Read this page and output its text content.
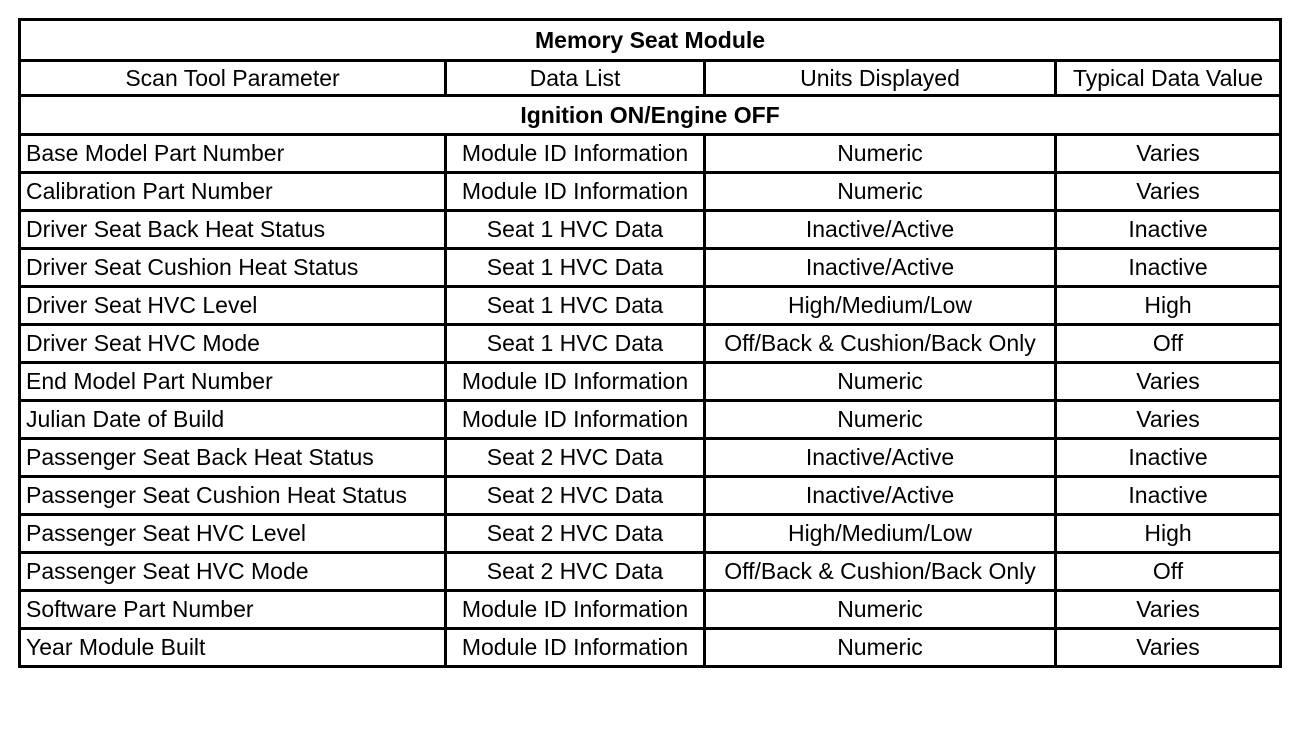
Memory Seat Module			
Scan Tool Parameter	Data List	Units Displayed	Typical Data Value
Ignition ON/Engine OFF			
Base Model Part Number	Module ID Information	Numeric	Varies
Calibration Part Number	Module ID Information	Numeric	Varies
Driver Seat Back Heat Status	Seat 1 HVC Data	Inactive/Active	Inactive
Driver Seat Cushion Heat Status	Seat 1 HVC Data	Inactive/Active	Inactive
Driver Seat HVC Level	Seat 1 HVC Data	High/Medium/Low	High
Driver Seat HVC Mode	Seat 1 HVC Data	Off/Back & Cushion/Back Only	Off
End Model Part Number	Module ID Information	Numeric	Varies
Julian Date of Build	Module ID Information	Numeric	Varies
Passenger Seat Back Heat Status	Seat 2 HVC Data	Inactive/Active	Inactive
Passenger Seat Cushion Heat Status	Seat 2 HVC Data	Inactive/Active	Inactive
Passenger Seat HVC Level	Seat 2 HVC Data	High/Medium/Low	High
Passenger Seat HVC Mode	Seat 2 HVC Data	Off/Back & Cushion/Back Only	Off
Software Part Number	Module ID Information	Numeric	Varies
Year Module Built	Module ID Information	Numeric	Varies
